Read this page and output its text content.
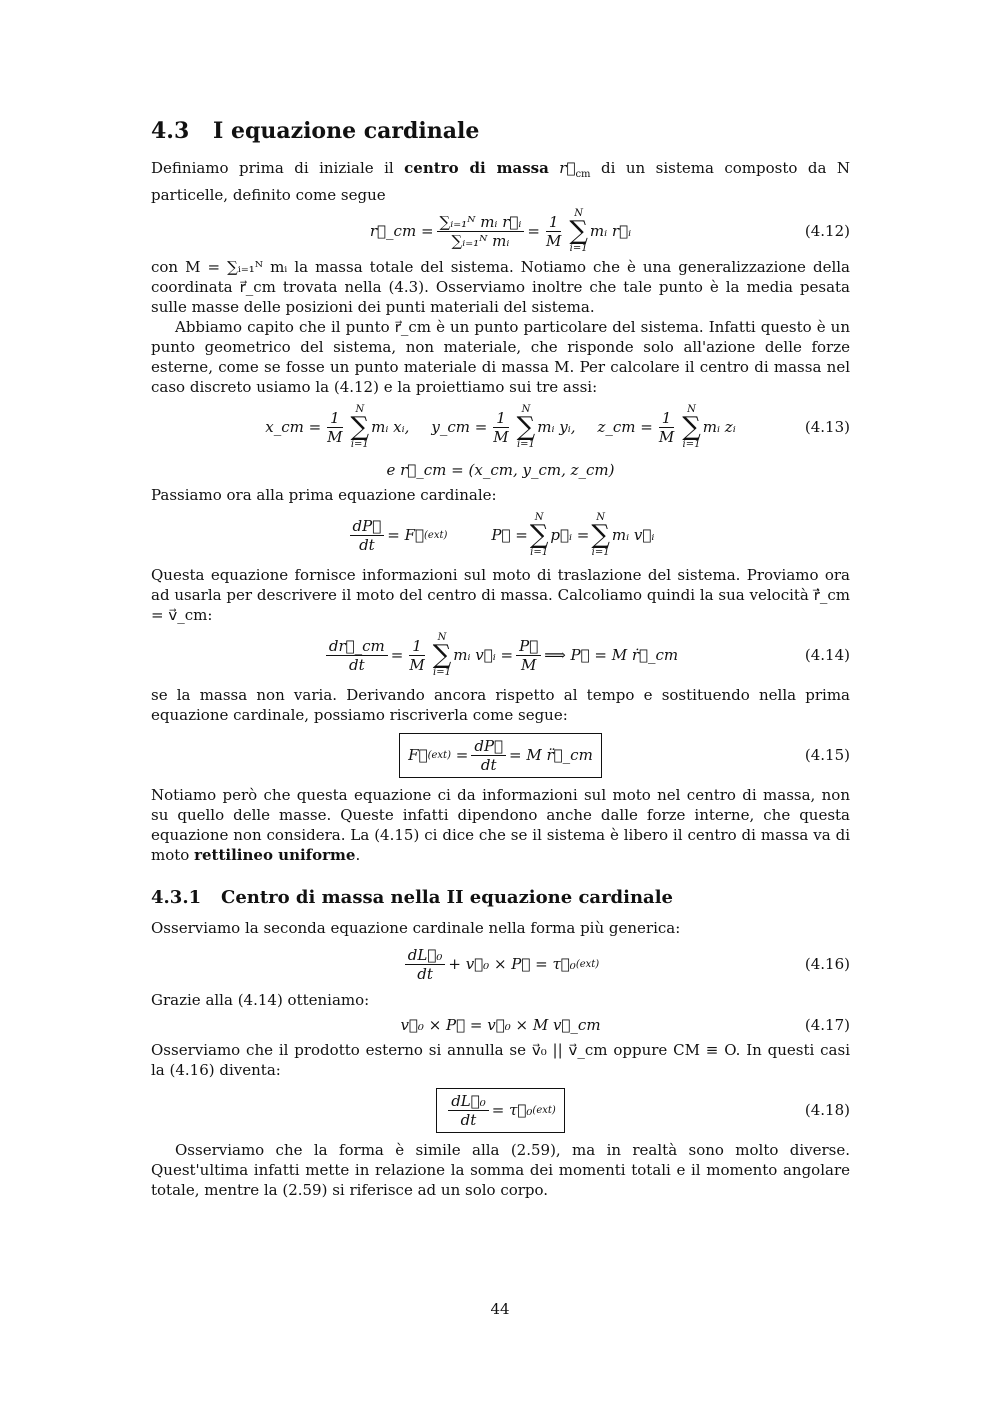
4.3 I equazione cardinale

Definiamo prima di iniziale il centro di massa $r⃗_{cm}$ di un sistema composto da N particelle, definito come segue

r⃗_cm = $\frac{\text{∑ᵢ₌₁ᴺ mᵢ r⃗ᵢ}}{\text{∑ᵢ₌₁ᴺ mᵢ}} = \frac{1}{M}$ N
∑
i=1
mᵢ r⃗ᵢ	(4.12)

con M = ∑ᵢ₌₁ᴺ mᵢ la massa totale del sistema. Notiamo che è una generalizzazione della coordinata r⃗_cm trovata nella (4.3). Osserviamo inoltre che tale punto è la media pesata sulle masse delle posizioni dei punti materiali del sistema.

Abbiamo capito che il punto r⃗_cm è un punto particolare del sistema. Infatti questo è un punto geometrico del sistema, non materiale, che risponde solo all'azione delle forze esterne, come se fosse un punto materiale di massa M. Per calcolare il centro di massa nel caso discreto usiamo la (4.12) e la proiettiamo sui tre assi:

x_cm = $\frac{1}{M}$ N
∑
i=1
mᵢ xᵢ, y_cm = $\frac{1}{M}$ N
∑
i=1
mᵢ yᵢ, z_cm = $\frac{1}{M}$ N
∑
i=1
mᵢ zᵢ	(4.13)
e r⃗_cm = (x_cm, y_cm, z_cm)

Passiamo ora alla prima equazione cardinale:

$\frac{dP⃗}{dt}$ = F⃗ (ext)	P⃗ =
N
∑
i=1
p⃗ᵢ =
N
∑
i=1
mᵢ v⃗ᵢ

Questa equazione fornisce informazioni sul moto di traslazione del sistema. Proviamo ora ad usarla per descrivere il moto del centro di massa. Calcoliamo quindi la sua velocità ṙ⃗_cm = v⃗_cm:

$\frac{dr⃗\_cm}{dt} = \frac{1}{M}$ N
∑
i=1
mᵢ v⃗ᵢ = $\frac{P⃗}{M}$ ⟹ P⃗ = M ṙ⃗_cm	(4.14)

se la massa non varia. Derivando ancora rispetto al tempo e sostituendo nella prima equazione cardinale, possiamo riscriverla come segue:

F⃗ (ext)
= $\frac{dP⃗}{dt} = M$ r̈⃗_cm	(4.15)

Notiamo però che questa equazione ci da informazioni sul moto nel centro di massa, non su quello delle masse. Queste infatti dipendono anche dalle forze interne, che questa equazione non considera. La (4.15) ci dice che se il sistema è libero il centro di massa va di moto rettilineo uniforme.

4.3.1 Centro di massa nella II equazione cardinale

Osserviamo la seconda equazione cardinale nella forma più generica:

$\frac{\text{dL⃗₀}}{dt}$ + v⃗₀ × P⃗ = τ⃗₀ (ext)	(4.16)

Grazie alla (4.14) otteniamo:

v⃗₀ × P⃗ = v⃗₀ × M v⃗_cm	(4.17)

Osserviamo che il prodotto esterno si annulla se v⃗₀ || v⃗_cm oppure CM ≡ O. In questi casi la (4.16) diventa:

$\frac{\text{dL⃗₀}}{dt}$ = τ⃗₀ (ext)	(4.18)

Osserviamo che la forma è simile alla (2.59), ma in realtà sono molto diverse. Quest'ultima infatti mette in relazione la somma dei momenti totali e il momento angolare totale, mentre la (2.59) si riferisce ad un solo corpo.

44
